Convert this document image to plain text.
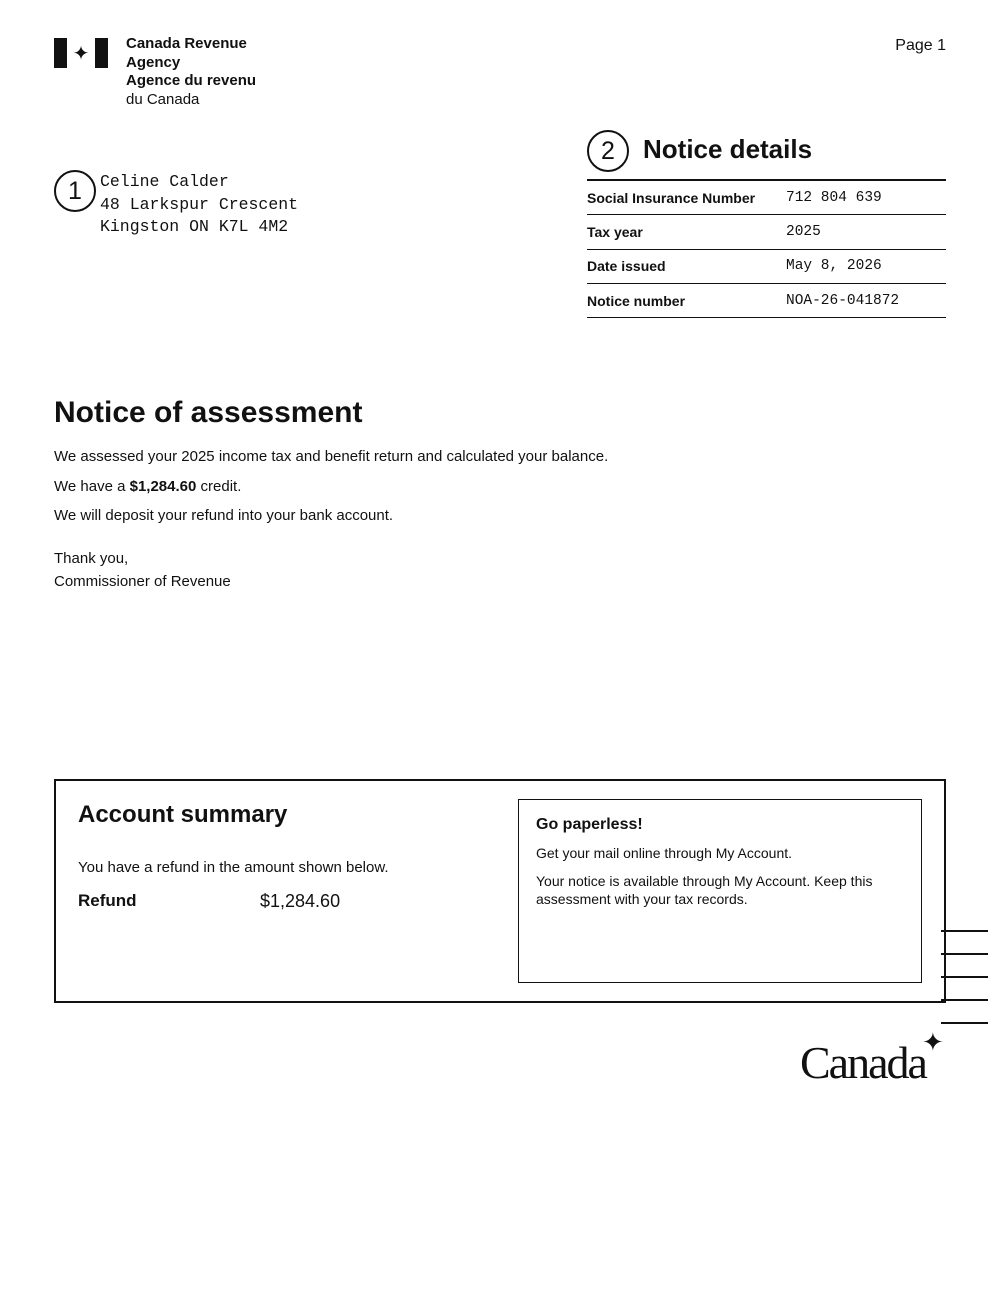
✦ Canada Revenue
Agency
Agence du revenu
du Canada
Page 1
1	Celine Calder
48 Larkspur Crescent
Kingston ON K7L 4M2
2	Notice details
Social Insurance Number	712 804 639
Tax year	2025
Date issued	May 8, 2026
Notice number	NOA-26-041872
Notice of assessment
We assessed your 2025 income tax and benefit return and calculated your balance.
We have a $1,284.60 credit.
We will deposit your refund into your bank account.
Thank you,
Commissioner of Revenue
Account summary
You have a refund in the amount shown below.
Refund	$1,284.60
Go paperless!
Get your mail online through My Account.
Your notice is available through My Account. Keep this assessment with your tax records.
Canada
✦
